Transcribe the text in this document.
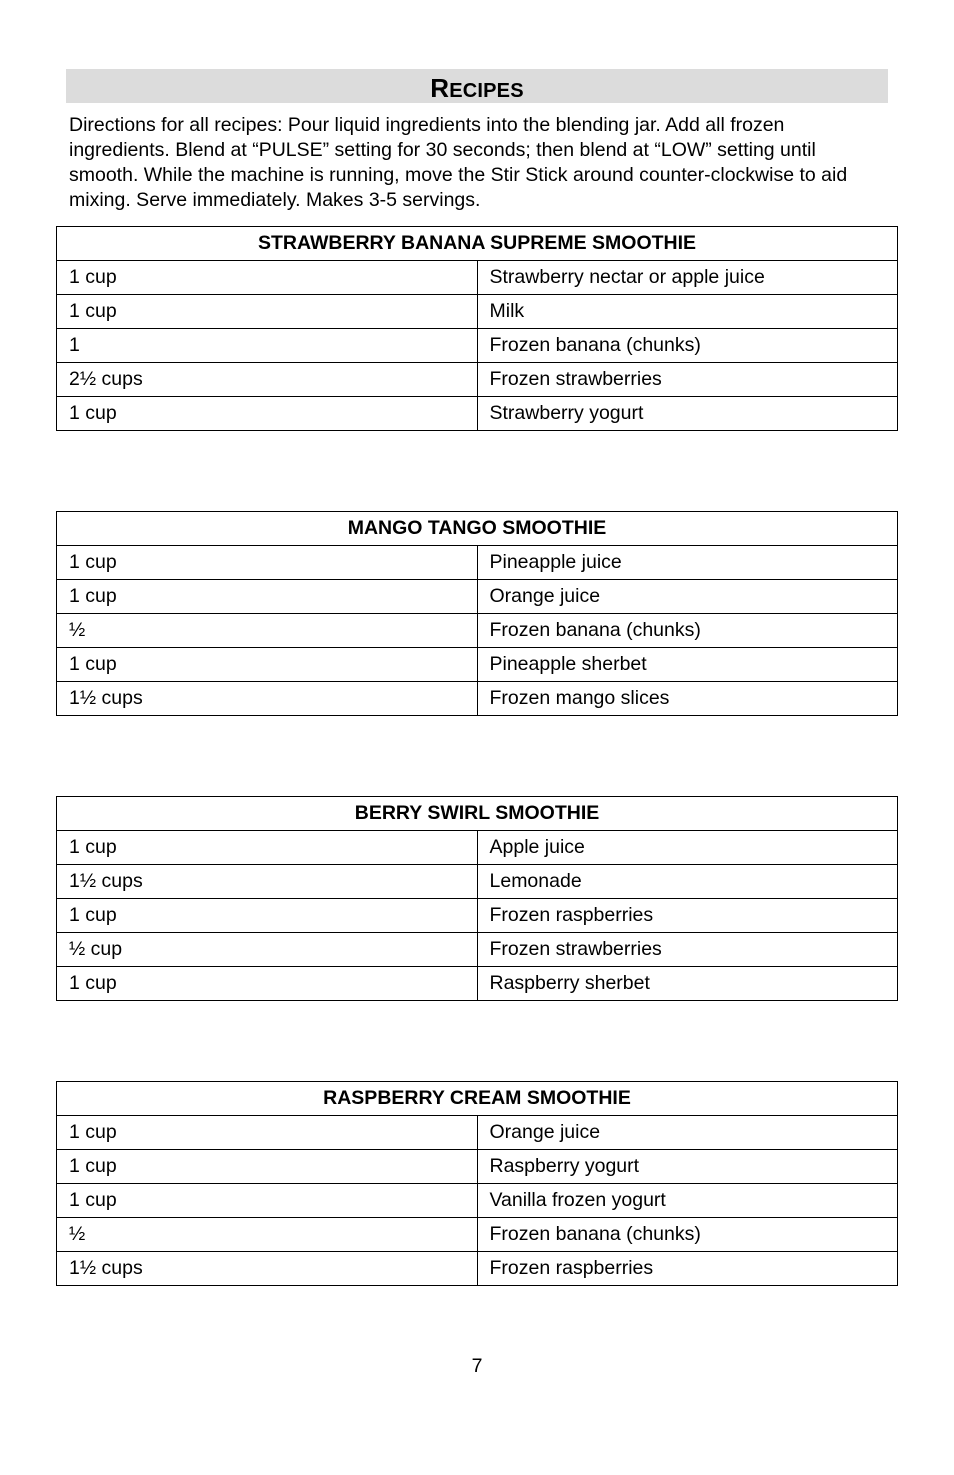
RECIPES

Directions for all recipes: Pour liquid ingredients into the blending jar. Add all frozen ingredients. Blend at “PULSE” setting for 30 seconds; then blend at “LOW” setting until smooth. While the machine is running, move the Stir Stick around counter-clockwise to aid mixing. Serve immediately. Makes 3-5 servings.

STRAWBERRY BANANA SUPREME SMOOTHIE	
1 cup	Strawberry nectar or apple juice
1 cup	Milk
1	Frozen banana (chunks)
2½ cups	Frozen strawberries
1 cup	Strawberry yogurt
MANGO TANGO SMOOTHIE	
1 cup	Pineapple juice
1 cup	Orange juice
½	Frozen banana (chunks)
1 cup	Pineapple sherbet
1½ cups	Frozen mango slices
BERRY SWIRL SMOOTHIE	
1 cup	Apple juice
1½ cups	Lemonade
1 cup	Frozen raspberries
½ cup	Frozen strawberries
1 cup	Raspberry sherbet
RASPBERRY CREAM SMOOTHIE	
1 cup	Orange juice
1 cup	Raspberry yogurt
1 cup	Vanilla frozen yogurt
½	Frozen banana (chunks)
1½ cups	Frozen raspberries
7
